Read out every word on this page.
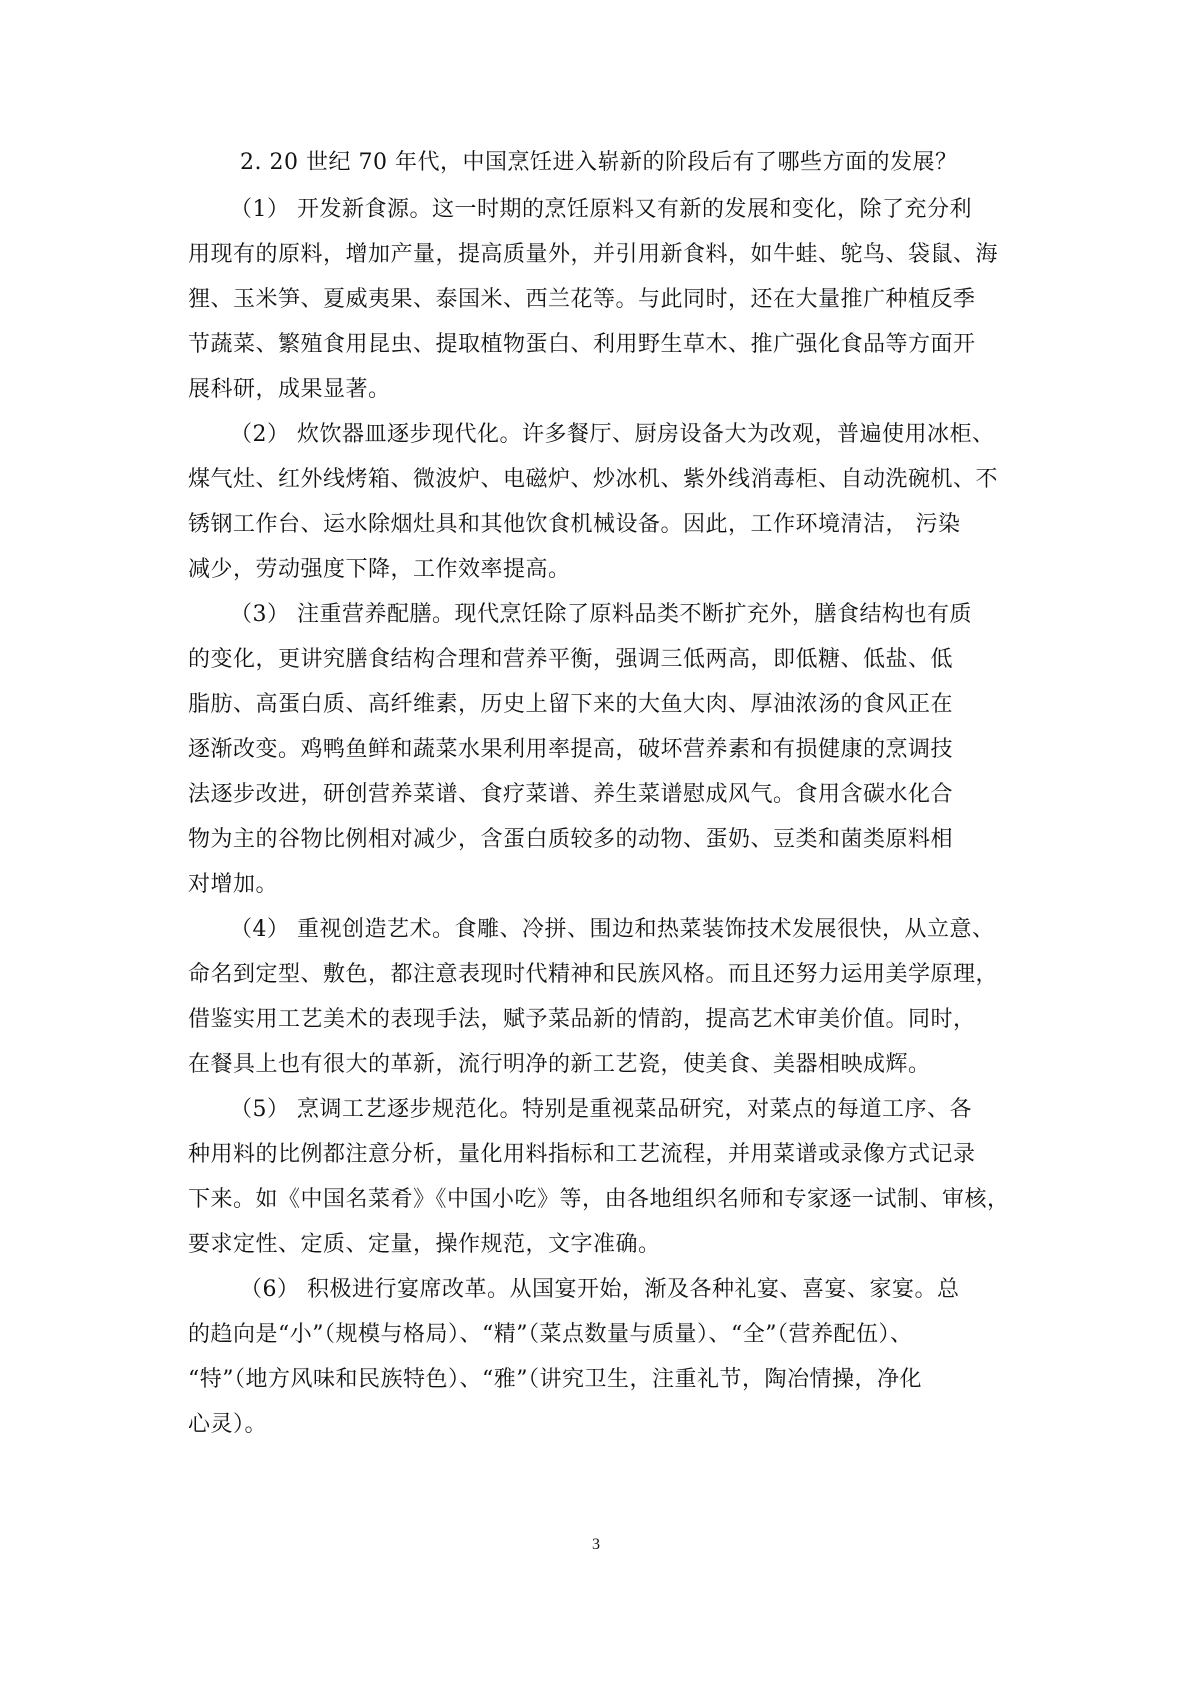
2. 20 世纪 70 年代，中国烹饪进入崭新的阶段后有了哪些方面的发展？
（1） 开发新食源。这一时期的烹饪原料又有新的发展和变化，除了充分利
用现有的原料，增加产量，提高质量外，并引用新食料，如牛蛙、鸵鸟、袋鼠、海
狸、玉米笋、夏威夷果、泰国米、西兰花等。与此同时，还在大量推广种植反季
节蔬菜、繁殖食用昆虫、提取植物蛋白、利用野生草木、推广强化食品等方面开
展科研，成果显著。
（2） 炊饮器皿逐步现代化。许多餐厅、厨房设备大为改观，普遍使用冰柜、
煤气灶、红外线烤箱、微波炉、电磁炉、炒冰机、紫外线消毒柜、自动洗碗机、不
锈钢工作台、运水除烟灶具和其他饮食机械设备。因此，工作环境清洁， 污染
减少，劳动强度下降，工作效率提高。
（3） 注重营养配膳。现代烹饪除了原料品类不断扩充外，膳食结构也有质
的变化，更讲究膳食结构合理和营养平衡，强调三低两高，即低糖、低盐、低
脂肪、高蛋白质、高纤维素，历史上留下来的大鱼大肉、厚油浓汤的食风正在
逐渐改变。鸡鸭鱼鲜和蔬菜水果利用率提高，破坏营养素和有损健康的烹调技
法逐步改进，研创营养菜谱、食疗菜谱、养生菜谱慰成风气。食用含碳水化合
物为主的谷物比例相对减少，含蛋白质较多的动物、蛋奶、豆类和菌类原料相
对增加。
（4） 重视创造艺术。食雕、冷拼、围边和热菜装饰技术发展很快，从立意、
命名到定型、敷色，都注意表现时代精神和民族风格。而且还努力运用美学原理，
借鉴实用工艺美术的表现手法，赋予菜品新的情韵，提高艺术审美价值。同时，
在餐具上也有很大的革新，流行明净的新工艺瓷，使美食、美器相映成辉。
（5） 烹调工艺逐步规范化。特别是重视菜品研究，对菜点的每道工序、各
种用料的比例都注意分析，量化用料指标和工艺流程，并用菜谱或录像方式记录
下来。如《中国名菜肴》《中国小吃》等，由各地组织名师和专家逐一试制、审核，
要求定性、定质、定量，操作规范，文字准确。
（6） 积极进行宴席改革。从国宴开始，渐及各种礼宴、喜宴、家宴。总
的趋向是“小”（规模与格局）、“精”（菜点数量与质量）、“全”（营养配伍）、
“特”（地方风味和民族特色）、“雅”（讲究卫生，注重礼节，陶冶情操，净化
心灵）。
3
